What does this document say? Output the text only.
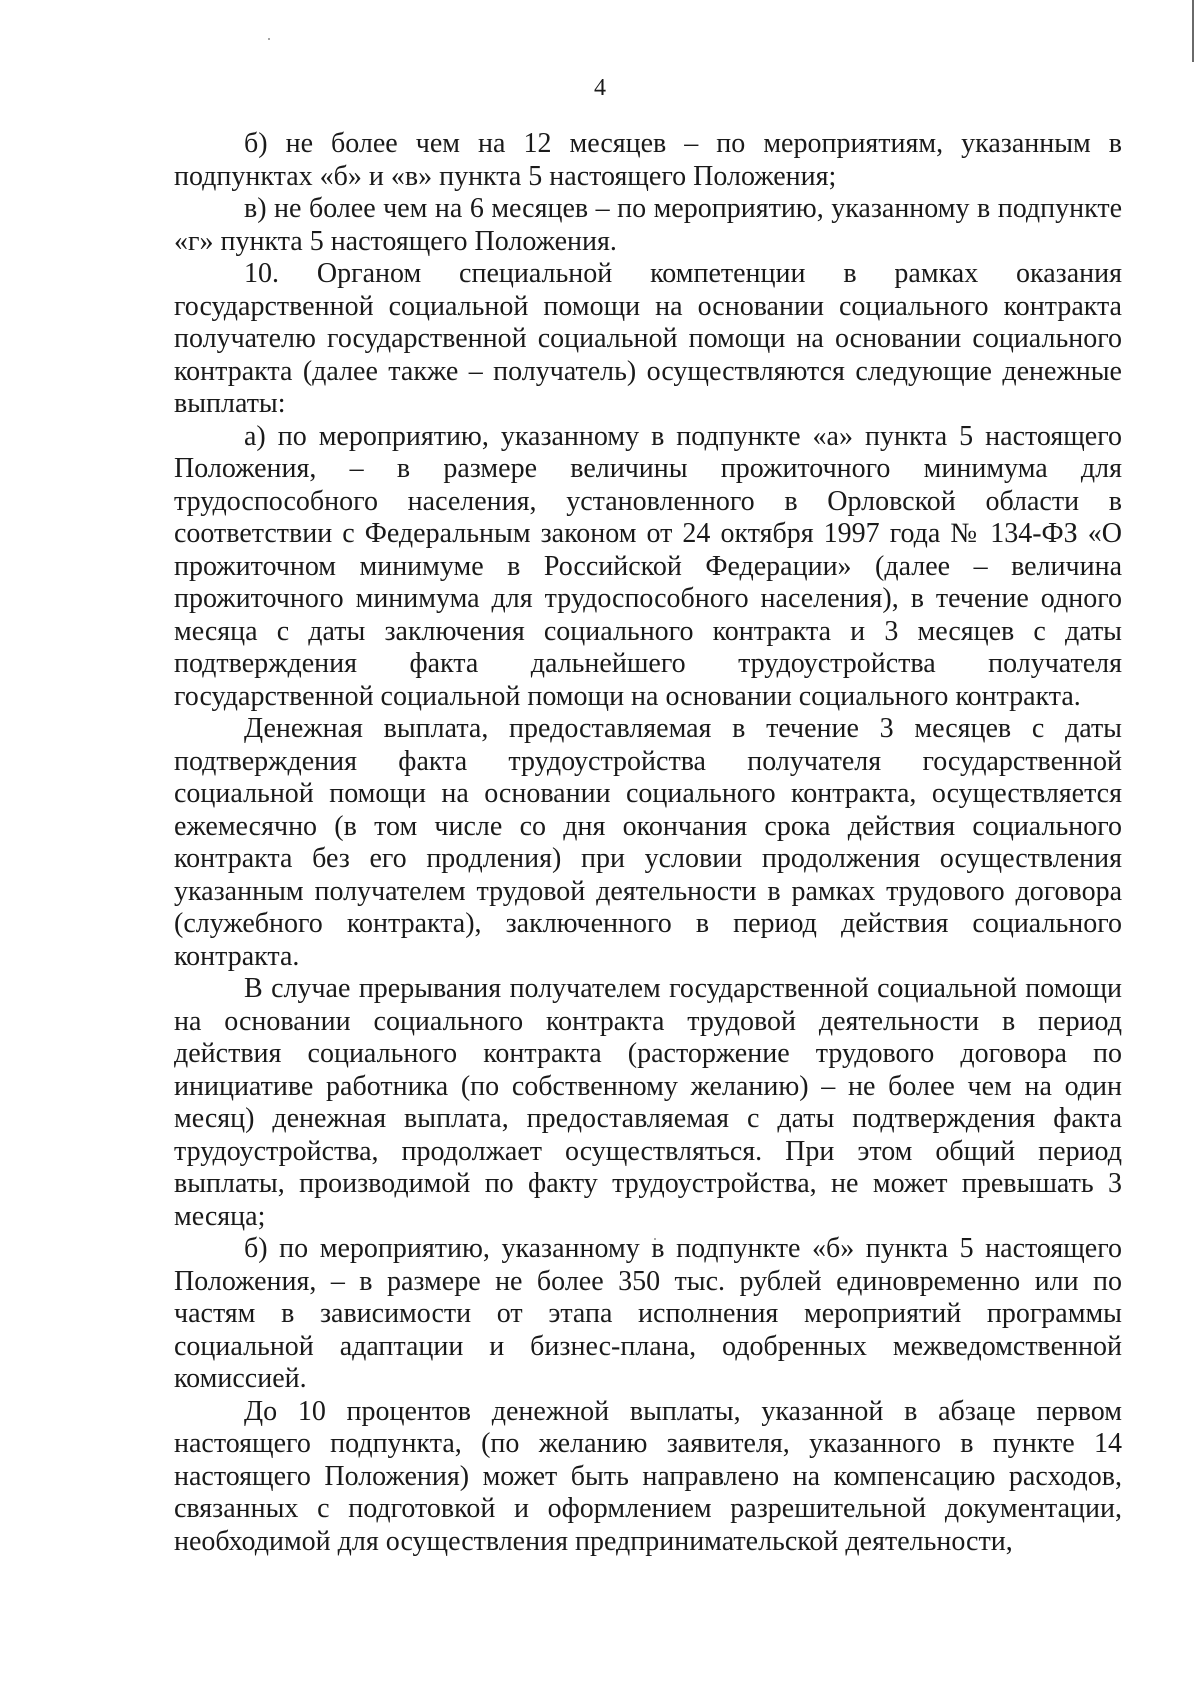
4

б) не более чем на 12 месяцев – по мероприятиям, указанным в подпунктах «б» и «в» пункта 5 настоящего Положения;

в) не более чем на 6 месяцев – по мероприятию, указанному в подпункте «г» пункта 5 настоящего Положения.

10. Органом специальной компетенции в рамках оказания государственной социальной помощи на основании социального контракта получателю государственной социальной помощи на основании социального контракта (далее также – получатель) осуществляются следующие денежные выплаты:

а) по мероприятию, указанному в подпункте «а» пункта 5 настоящего Положения, – в размере величины прожиточного минимума для трудоспособного населения, установленного в Орловской области в соответствии с Федеральным законом от 24 октября 1997 года № 134-ФЗ «О прожиточном минимуме в Российской Федерации» (далее – величина прожиточного минимума для трудоспособного населения), в течение одного месяца с даты заключения социального контракта и 3 месяцев с даты подтверждения факта дальнейшего трудоустройства получателя государственной социальной помощи на основании социального контракта.

Денежная выплата, предоставляемая в течение 3 месяцев с даты подтверждения факта трудоустройства получателя государственной социальной помощи на основании социального контракта, осуществляется ежемесячно (в том числе со дня окончания срока действия социального контракта без его продления) при условии продолжения осуществления указанным получателем трудовой деятельности в рамках трудового договора (служебного контракта), заключенного в период действия социального контракта.

В случае прерывания получателем государственной социальной помощи на основании социального контракта трудовой деятельности в период действия социального контракта (расторжение трудового договора по инициативе работника (по собственному желанию) – не более чем на один месяц) денежная выплата, предоставляемая с даты подтверждения факта трудоустройства, продолжает осуществляться. При этом общий период выплаты, производимой по факту трудоустройства, не может превышать 3 месяца;

б) по мероприятию, указанному в подпункте «б» пункта 5 настоящего Положения, – в размере не более 350 тыс. рублей единовременно или по частям в зависимости от этапа исполнения мероприятий программы социальной адаптации и бизнес-плана, одобренных межведомственной комиссией.

До 10 процентов денежной выплаты, указанной в абзаце первом настоящего подпункта, (по желанию заявителя, указанного в пункте 14 настоящего Положения) может быть направлено на компенсацию расходов, связанных с подготовкой и оформлением разрешительной документации, необходимой для осуществления предпринимательской деятельности,
